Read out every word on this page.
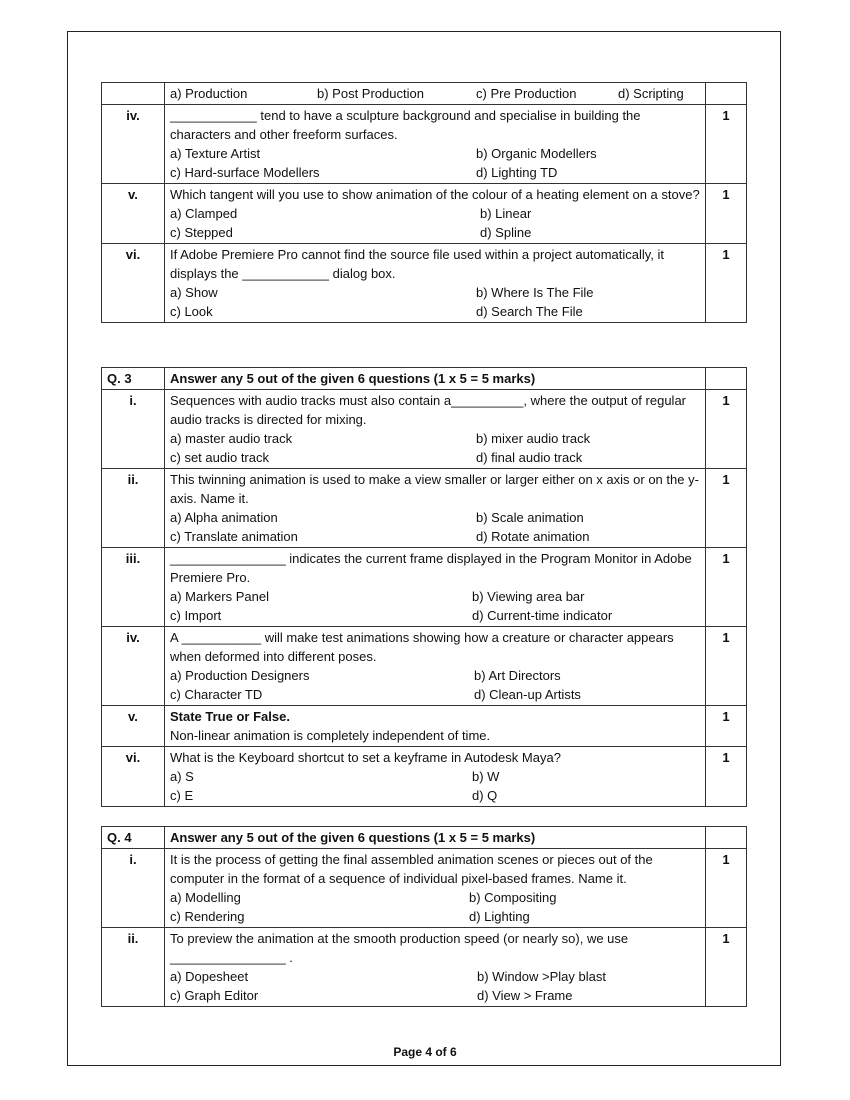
	a) Production b) Post Production c) Pre Production d) Scripting	

iv.	____________ tend to have a sculpture background and specialise in building the characters and other freeform surfaces.
a) Texture Artist b) Organic Modellers
c) Hard-surface Modellers d) Lighting TD	1
v.	Which tangent will you use to show animation of the colour of a heating element on a stove?
a) Clamped b) Linear
c) Stepped d) Spline	1
vi.	If Adobe Premiere Pro cannot find the source file used within a project automatically, it displays the ____________ dialog box.
a) Show b) Where Is The File
c) Look d) Search The File	1
Q. 3	Answer any 5 out of the given 6 questions (1 x 5 = 5 marks)	
i.	Sequences with audio tracks must also contain a__________, where the output of regular audio tracks is directed for mixing.
a) master audio track b) mixer audio track
c) set audio track d) final audio track	1
ii.	This twinning animation is used to make a view smaller or larger either on x axis or on the y-axis. Name it.
a) Alpha animation b) Scale animation
c) Translate animation d) Rotate animation	1
iii.	________________ indicates the current frame displayed in the Program Monitor in Adobe Premiere Pro.
a) Markers Panel b) Viewing area bar
c) Import d) Current-time indicator	1
iv.	A ___________ will make test animations showing how a creature or character appears when deformed into different poses.
a) Production Designers b) Art Directors
c) Character TD d) Clean-up Artists	1
v.	State True or False.
Non-linear animation is completely independent of time.	1
vi.	What is the Keyboard shortcut to set a keyframe in Autodesk Maya?
a) S b) W
c) E d) Q	1
Q. 4	Answer any 5 out of the given 6 questions (1 x 5 = 5 marks)	
i.	It is the process of getting the final assembled animation scenes or pieces out of the computer in the format of a sequence of individual pixel-based frames. Name it.
a) Modelling b) Compositing
c) Rendering d) Lighting	1
ii.	To preview the animation at the smooth production speed (or nearly so), we use ________________ .
a) Dopesheet b) Window >Play blast
c) Graph Editor d) View > Frame	1
Page 4 of 6
